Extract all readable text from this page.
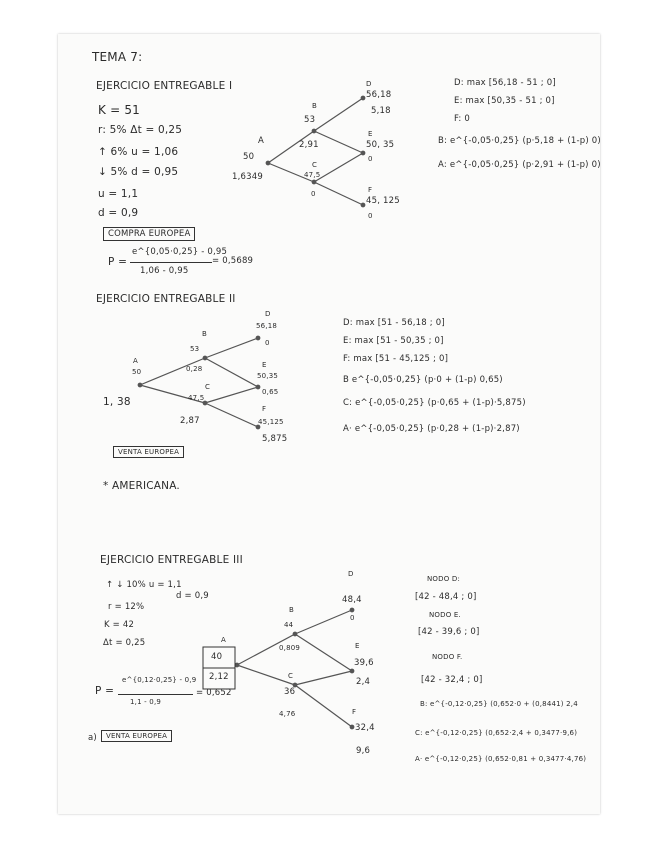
TEMA 7:
EJERCICIO ENTREGABLE I
K = 51
r: 5% Δt = 0,25
↑ 6% u = 1,06
↓ 5% d = 0,95
u = 1,1
d = 0,9
COMPRA EUROPEA
P =
e^{0,05·0,25} - 0,95
1,06 - 0,95
= 0,5689
A
50
1,6349
B
53
2,91
C
47,5
0
D
56,18
5,18
E
50, 35
0
F
45, 125
0
D: max [56,18 - 51 ; 0]
E: max [50,35 - 51 ; 0]
F: 0
B: e^{-0,05·0,25} (p·5,18 + (1-p) 0)
A: e^{-0,05·0,25} (p·2,91 + (1-p) 0)
EJERCICIO ENTREGABLE II
A
50
1, 38
B
53
0,28
C
47,5
2,87
D
56,18
0
E
50,35
0,65
F
45,125
5,875
VENTA EUROPEA
D: max [51 - 56,18 ; 0]
E: max [51 - 50,35 ; 0]
F: max [51 - 45,125 ; 0]
B e^{-0,05·0,25} (p·0 + (1-p) 0,65)
C: e^{-0,05·0,25} (p·0,65 + (1-p)·5,875)
A· e^{-0,05·0,25} (p·0,28 + (1-p)·2,87)
* AMERICANA.
EJERCICIO ENTREGABLE III
↑ ↓ 10% u = 1,1
d = 0,9
r = 12%
K = 42
Δt = 0,25
P =
e^{0,12·0,25} - 0,9
1,1 - 0,9
= 0,652
a)	VENTA EUROPEA
A
40
2,12
B
44
0,809
C
36
4,76
D
48,4
0
E
39,6
2,4
F
32,4
9,6
NODO D:
[42 - 48,4 ; 0]
NODO E.
[42 - 39,6 ; 0]
NODO F.
[42 - 32,4 ; 0]
B: e^{-0,12·0,25} (0,652·0 + (0,8441) 2,4
C: e^{-0,12·0,25} (0,652·2,4 + 0,3477·9,6)
A· e^{-0,12·0,25} (0,652·0,81 + 0,3477·4,76)
